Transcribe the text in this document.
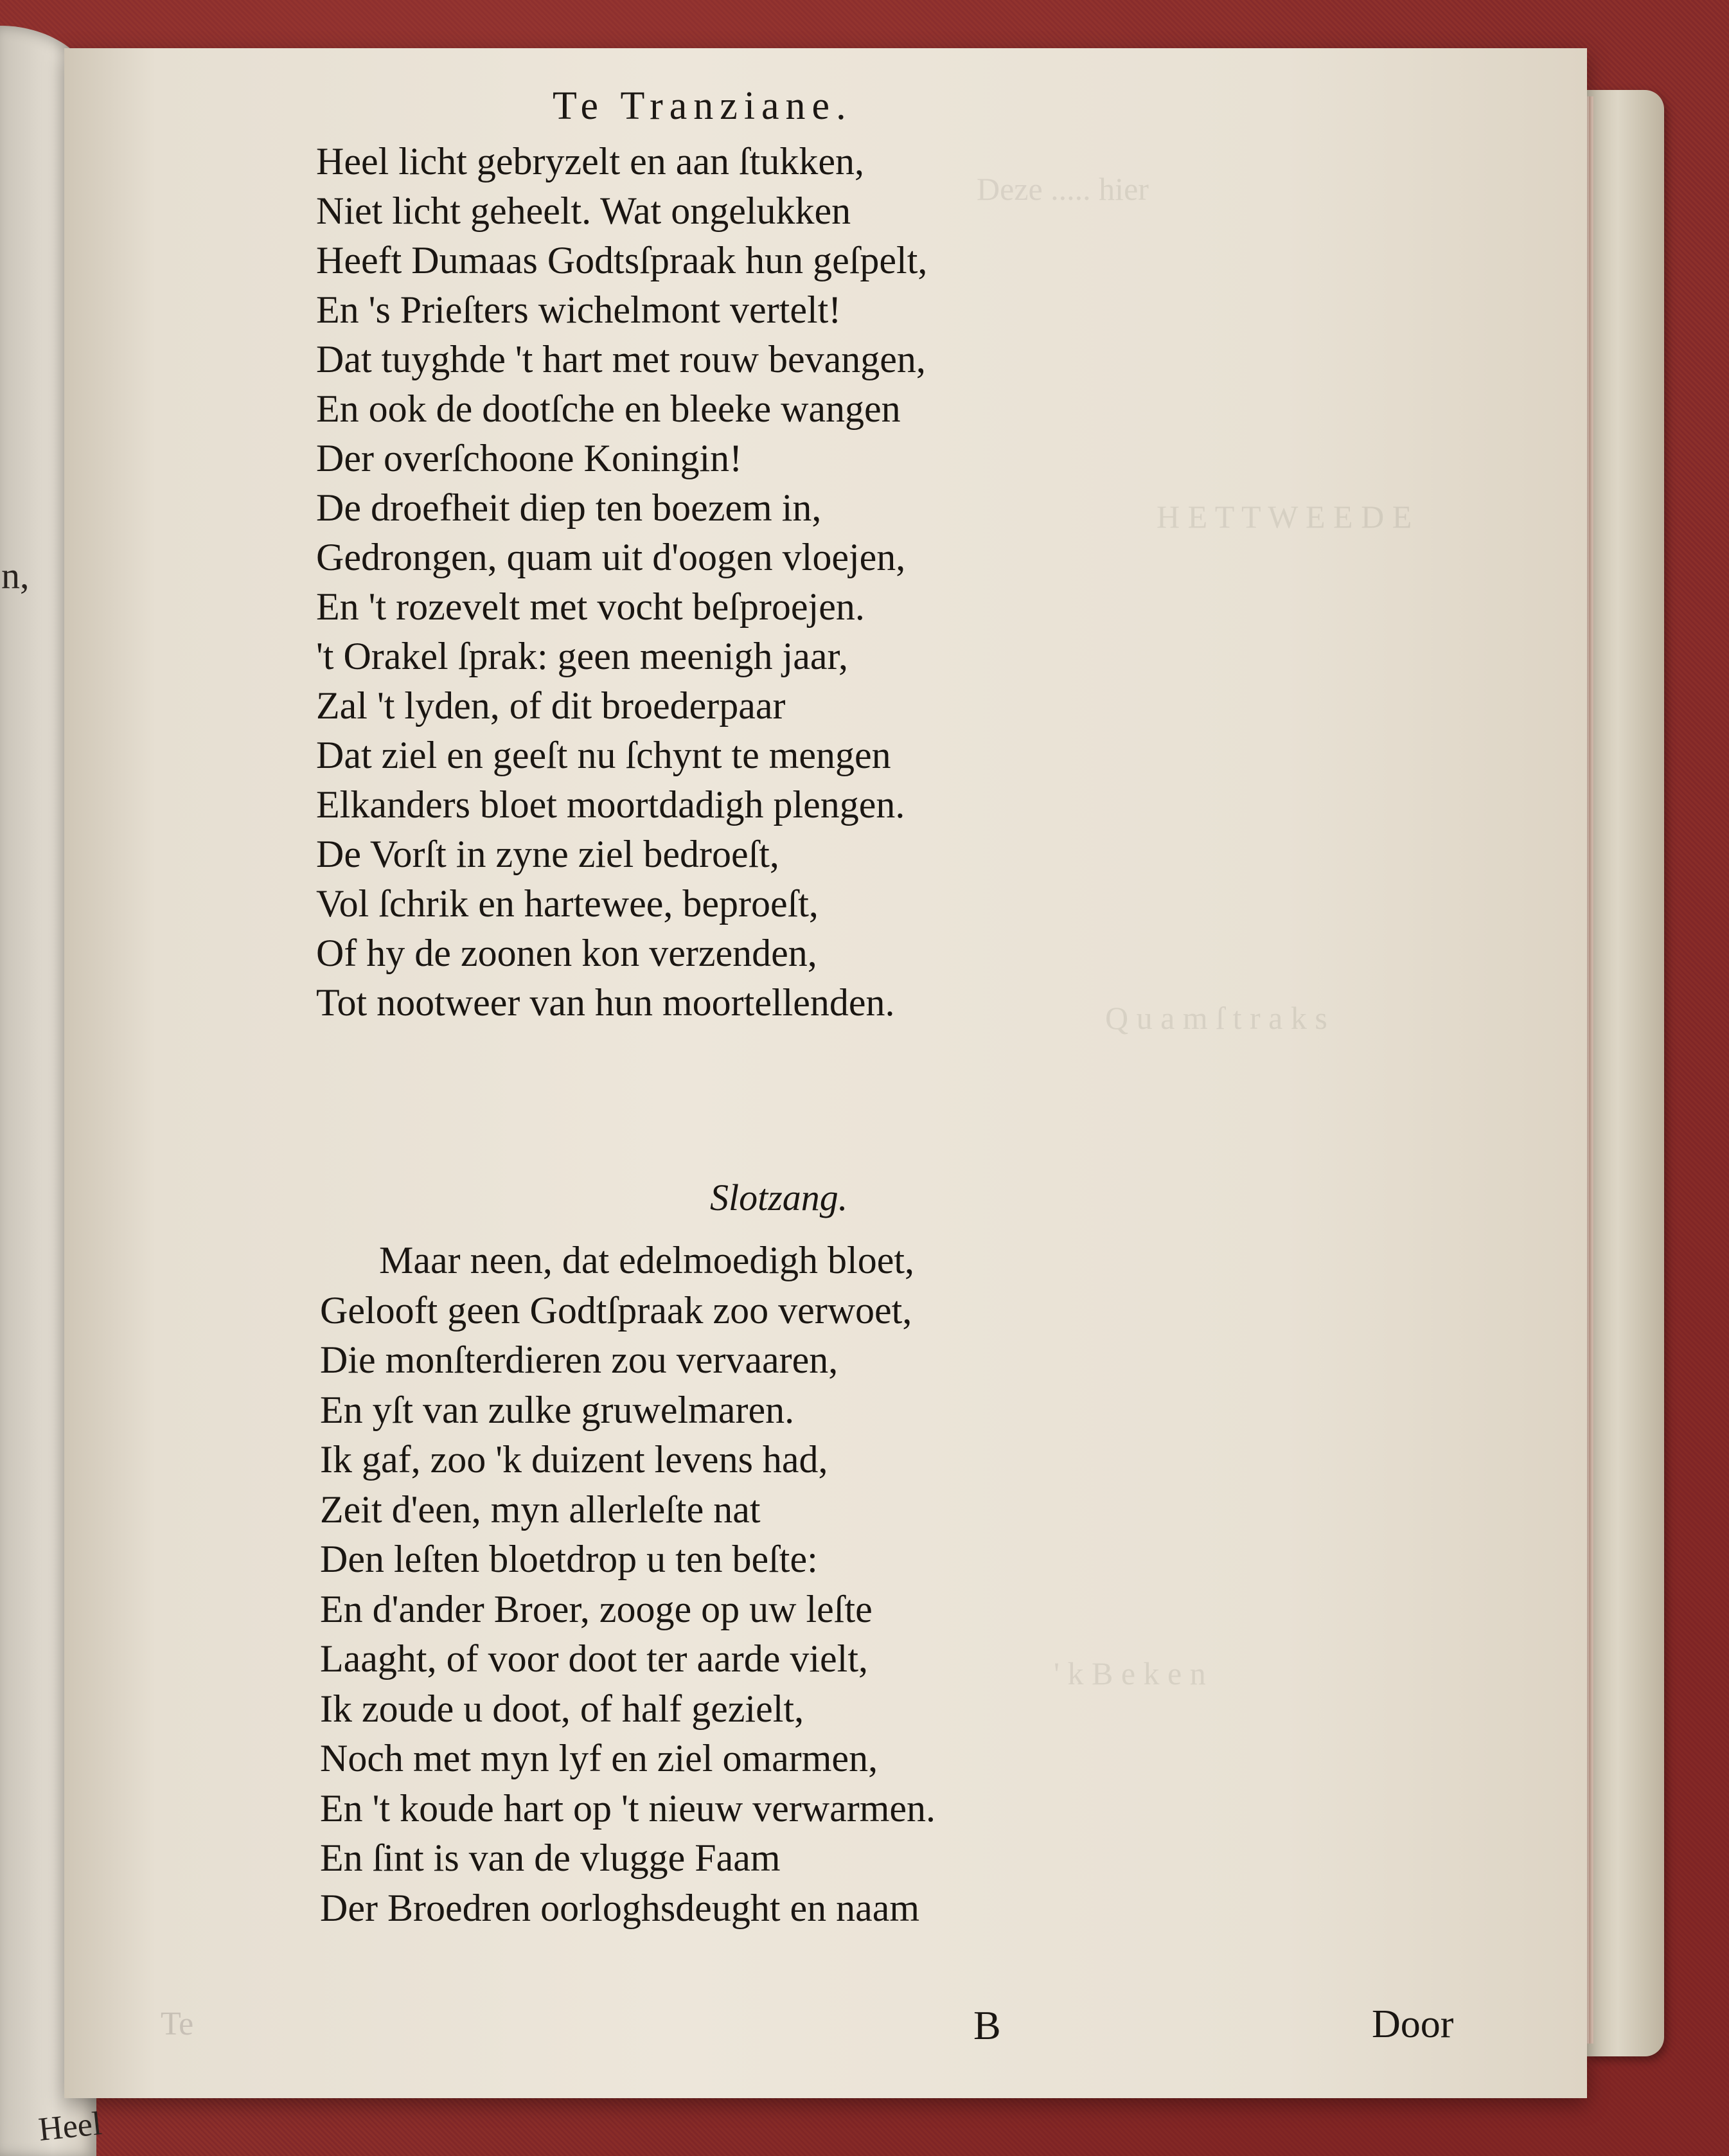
n,
Heel
Deze ..... hier
H E T T W E E D E
Q u a m ſ t r a k s
' k B e k e n
Te Tranziane.
Heel licht gebryzelt en aan ſtukken,
Niet licht geheelt. Wat ongelukken
Heeft Dumaas Godtsſpraak hun geſpelt,
En 's Prieſters wichelmont vertelt!
Dat tuyghde 't hart met rouw bevangen,
En ook de dootſche en bleeke wangen
Der overſchoone Koningin!
De droefheit diep ten boezem in,
Gedrongen, quam uit d'oogen vloejen,
En 't rozevelt met vocht beſproejen.
't Orakel ſprak: geen meenigh jaar,
Zal 't lyden, of dit broederpaar
Dat ziel en geeſt nu ſchynt te mengen
Elkanders bloet moortdadigh plengen.
De Vorſt in zyne ziel bedroeſt,
Vol ſchrik en hartewee, beproeſt,
Of hy de zoonen kon verzenden,
Tot nootweer van hun moortellenden.
Slotzang.
Maar neen, dat edelmoedigh bloet,
Gelooft geen Godtſpraak zoo verwoet,
Die monſterdieren zou vervaaren,
En yſt van zulke gruwelmaren.
Ik gaf, zoo 'k duizent levens had,
Zeit d'een, myn allerleſte nat
Den leſten bloetdrop u ten beſte:
En d'ander Broer, zooge op uw leſte
Laaght, of voor doot ter aarde vielt,
Ik zoude u doot, of half gezielt,
Noch met myn lyf en ziel omarmen,
En 't koude hart op 't nieuw verwarmen.
En ſint is van de vlugge Faam
Der Broedren oorloghsdeught en naam
B	Door
Te
